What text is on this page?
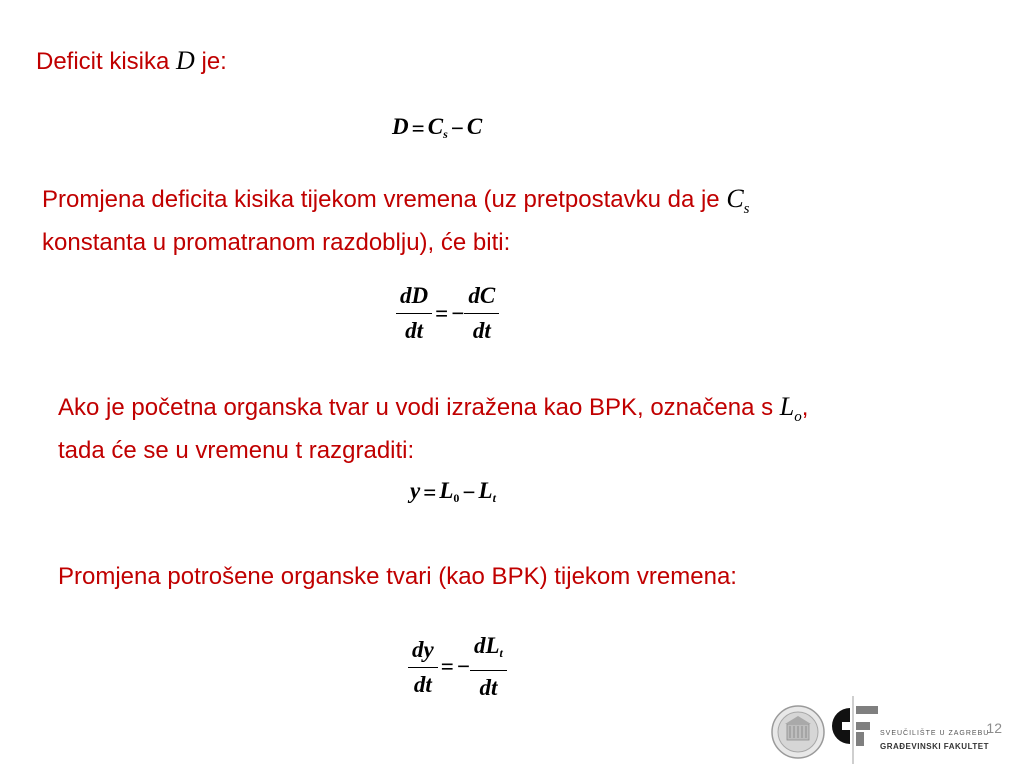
Deficit kisika D je:
$D = C_s - C$
Promjena deficita kisika tijekom vremena (uz pretpostavku da je $C_s$
konstanta u promatranom razdoblju), će biti:
$\frac{dD}{dt}$ = − $\frac{dC}{dt}$
Ako je početna organska tvar u vodi izražena kao BPK, označena s $L_o$,
tada će se u vremenu t razgraditi:
$y = L_0 - L_t$
Promjena potrošene organske tvari (kao BPK) tijekom vremena:
$\frac{dy}{dt}$ = − $\frac{dL_t}{dt}$
SVEUČILIŠTE U ZAGREBU
GRAĐEVINSKI FAKULTET
12
